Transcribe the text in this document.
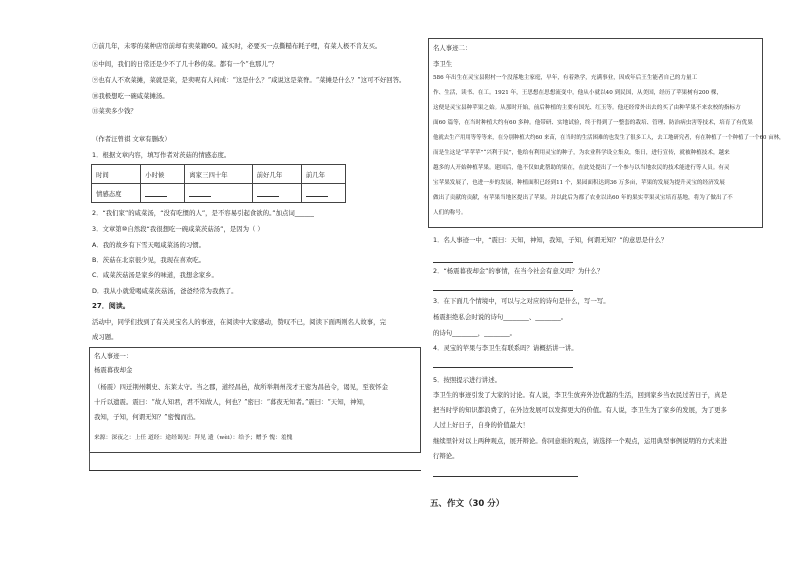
⑦前几年，未零的菜种店帘前却有卖菜籍60。减买时，必要买一点撕糙布耗子哩，有菜人极不肯友买。
⑧中间，我们的日常还是少不了几十秒的菜。都有一个“也那儿”？
⑨也有人不欢菜摊，菜就是菜，是卖呢有人问成：“这是什么？”咸说这是菜脊。“菜摊是什么？”这可不好回答。
⑩我极想吃一碗咸菜摊汤。
⑪菜卖多少钱？
（作者汪曾祺 文章有删改）
1．根据文章内容，填写作者对茨菇的情感态度。
时间	小时候	离家三四十年	前好几年	前几年
情感态度				
2．“我们家”的咸菜汤，“没有吃惯的人”，是不容易引起食欲的。”加点词______
3．文章第⑩自然段“我很想吃一碗咸菜茨菇汤”，是因为（ ）
A．我的故乡有下雪天喝咸菜汤的习惯。
B．茨菇在北京很少见，我现在喜欢吃。
C．咸菜茨菇汤是家乡的味道，我想念家乡。
D．我从小就爱喝咸菜茨菇汤，爸爸经常为我熬了。
27．阅读。
活动中，同学们找到了有关灵宝名人的事迹，在阅读中大家感动，赞叹不已，阅读下面两则名人故事，完
成习题。
名人事迹一：
杨震暮夜却金
（杨震）四迁荆州刺史、东莱太守。当之郡，道经昌邑，故所举荆州茂才王密为昌邑令，谒见，至夜怀金
十斤以遗震。震曰：“故人知君，君不知故人，何也？”密曰：“暮夜无知者。”震曰：“天知，神知，
我知，子知，何谓无知？”密愧而出。
来源：深夜之：上任 道经：途经谒见：拜见 遗（wèi）：给予；赠予 愧：羞愧
名人事迹二：
李卫生
586 年出生在灵宝县附村一个没落地主家庭，早年，有着熟学，充满事业，因成年后王生能者自己的力量工
作、生活，读书、在工。1921 年，王思想在思想流变中，他从小就以40 到民国，从美国，经历了苹果树有200 棵，
这便是灵宝县种苹果之始。从那时开始，前后种植的主要有国光、红玉等。他还经常外出去的买了由种苹果不来农校的指标方
面60 篇等，在当时种植大约有60 多种。他带研、实地试验，终于得到了一整套的栽培、管理、防治病虫害等技术，培育了有优果
他就去生产用用等等等来，在分别种植大约60 来苗，在当时的生活困难的也发生了很多工人，去工地研究者，有在种植了一个种植了一个60 亩林，
而是生这是“苹苹苹”“兴利于民”，他给有利用灵宝的种子，为农业科学设立集众，集日，进行宣传，就被种植技术，越来
越多的人开始种植苹果。建国后，他不仅如此帮助的果在，在此处提出了一个参与以当地农民的技术能进行等人员。有灵
宝苹果发展了，也进一步的发展，种植面积已经到11 个，果园面积达到36 万多亩，苹果的发展为提升灵宝的经济发展
做出了贡献的贡献，有苹果当地区提出了苹果。并以此后为都了农业以出60 年的果实苹果灵宝培育基地，将为了做出了不
人们的称号。
1．名人事迹一中，“震曰：天知，神知，我知，子知，何谓无知？”的意思是什么？
2．“杨震暮夜却金”的事情，在当今社会有意义吗？为什么？
3．在下面几个情境中，可以与之对应的诗句是什么，写一写。
杨震拒绝私会时说的诗句________、________。
的诗句________，________。
4．灵宝的苹果与李卫生有联系吗？请概括讲一讲。
5．按照提示进行讲述。
李卫生的事迹引发了大家的讨论。有人说，李卫生放弃外边优越的生活，回到家乡当农民过苦日子，真是
把当时学的知识都浪费了，在外边发展可以发挥更大的价值。有人说，李卫生为了家乡的发展，为了更多
人过上好日子，自身的价值最大！
继续里针对以上两种观点，展开辩论。你同意谁的观点，请选择一个观点，运用典型事例说明的方式来进
行辩论。
五、作文（30 分）
